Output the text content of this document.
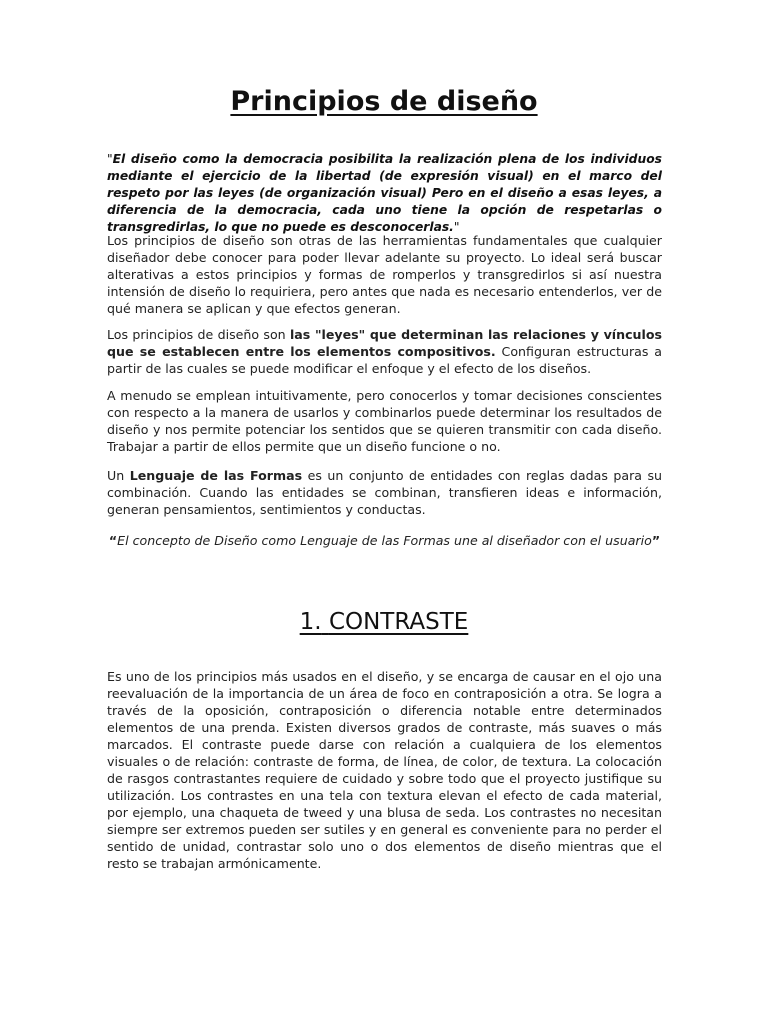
Principios de diseño
"El diseño como la democracia posibilita la realización plena de los individuos mediante el ejercicio de la libertad (de expresión visual) en el marco del respeto por las leyes (de organización visual) Pero en el diseño a esas leyes, a diferencia de la democracia, cada uno tiene la opción de respetarlas o transgredirlas, lo que no puede es desconocerlas."
Los principios de diseño son otras de las herramientas fundamentales que cualquier diseñador debe conocer para poder llevar adelante su proyecto. Lo ideal será buscar alterativas a estos principios y formas de romperlos y transgredirlos si así nuestra intensión de diseño lo requiriera, pero antes que nada es necesario entenderlos, ver de qué manera se aplican y que efectos generan.
Los principios de diseño son las "leyes" que determinan las relaciones y vínculos que se establecen entre los elementos compositivos. Configuran estructuras a partir de las cuales se puede modificar el enfoque y el efecto de los diseños.
A menudo se emplean intuitivamente, pero conocerlos y tomar decisiones conscientes con respecto a la manera de usarlos y combinarlos puede determinar los resultados de diseño y nos permite potenciar los sentidos que se quieren transmitir con cada diseño. Trabajar a partir de ellos permite que un diseño funcione o no.
Un Lenguaje de las Formas es un conjunto de entidades con reglas dadas para su combinación. Cuando las entidades se combinan, transfieren ideas e información, generan pensamientos, sentimientos y conductas.
“El concepto de Diseño como Lenguaje de las Formas une al diseñador con el usuario”
1. CONTRASTE
Es uno de los principios más usados en el diseño, y se encarga de causar en el ojo una reevaluación de la importancia de un área de foco en contraposición a otra. Se logra a través de la oposición, contraposición o diferencia notable entre determinados elementos de una prenda. Existen diversos grados de contraste, más suaves o más marcados. El contraste puede darse con relación a cualquiera de los elementos visuales o de relación: contraste de forma, de línea, de color, de textura. La colocación de rasgos contrastantes requiere de cuidado y sobre todo que el proyecto justifique su utilización. Los contrastes en una tela con textura elevan el efecto de cada material, por ejemplo, una chaqueta de tweed y una blusa de seda. Los contrastes no necesitan siempre ser extremos pueden ser sutiles y en general es conveniente para no perder el sentido de unidad, contrastar solo uno o dos elementos de diseño mientras que el resto se trabajan armónicamente.
